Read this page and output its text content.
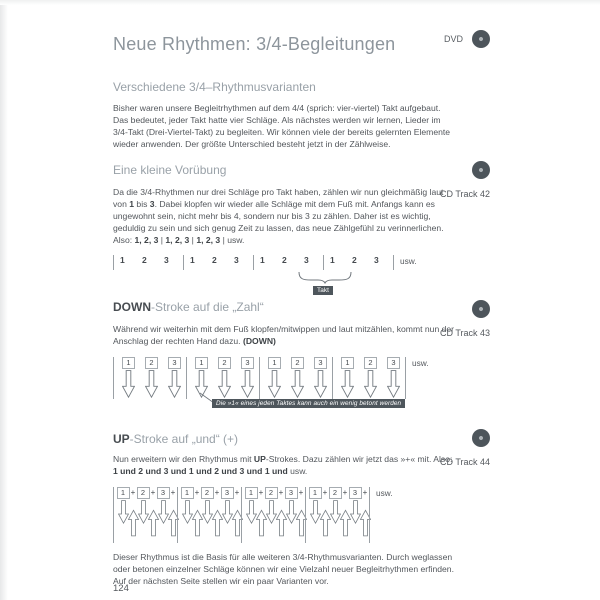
Neue Rhythmen: 3/4-Begleitungen	DVD
Verschiedene 3/4–Rhythmusvarianten

Bisher waren unsere Begleitrhythmen auf dem 4/4 (sprich: vier-viertel) Takt aufgebaut. Das bedeutet, jeder Takt hatte vier Schläge. Als nächstes werden wir lernen, Lieder im 3/4-Takt (Drei-Viertel-Takt) zu begleiten. Wir können viele der bereits gelernten Elemente wieder anwenden. Der größte Unterschied besteht jetzt in der Zählweise.

Eine kleine Vorübung
CD Track 42

Da die 3/4-Rhythmen nur drei Schläge pro Takt haben, zählen wir nun gleichmäßig laut von 1 bis 3. Dabei klopfen wir wieder alle Schläge mit dem Fuß mit. Anfangs kann es ungewohnt sein, nicht mehr bis 4, sondern nur bis 3 zu zählen. Daher ist es wichtig, geduldig zu sein und sich genug Zeit zu lassen, das neue Zählgefühl zu verinnerlichen. Also: 1, 2, 3 | 1, 2, 3 | 1, 2, 3 | usw.

1	2	3	1	2	3	1	2	3	1	2	3	usw.
Takt
DOWN-Stroke auf die „Zahl“
CD Track 43

Während wir weiterhin mit dem Fuß klopfen/mitwippen und laut mitzählen, kommt nun der Anschlag der rechten Hand dazu. (DOWN)

1	2	3	1	2	3	1	2	3	1	2	3	usw.
Die »1« eines jeden Taktes kann auch ein wenig betont werden
UP-Stroke auf „und“ (+)
CD Track 44

Nun erweitern wir den Rhythmus mit UP-Strokes. Dazu zählen wir jetzt das »+« mit. Also: 1 und 2 und 3 und 1 und 2 und 3 und 1 und usw.

1 + 2 + 3 +	1 + 2 + 3 +	1 + 2 + 3 +	1 + 2 + 3 + usw.

Dieser Rhythmus ist die Basis für alle weiteren 3/4-Rhythmusvarianten. Durch weglassen oder betonen einzelner Schläge können wir eine Vielzahl neuer Begleitrhythmen erfinden. Auf der nächsten Seite stellen wir ein paar Varianten vor.

124
